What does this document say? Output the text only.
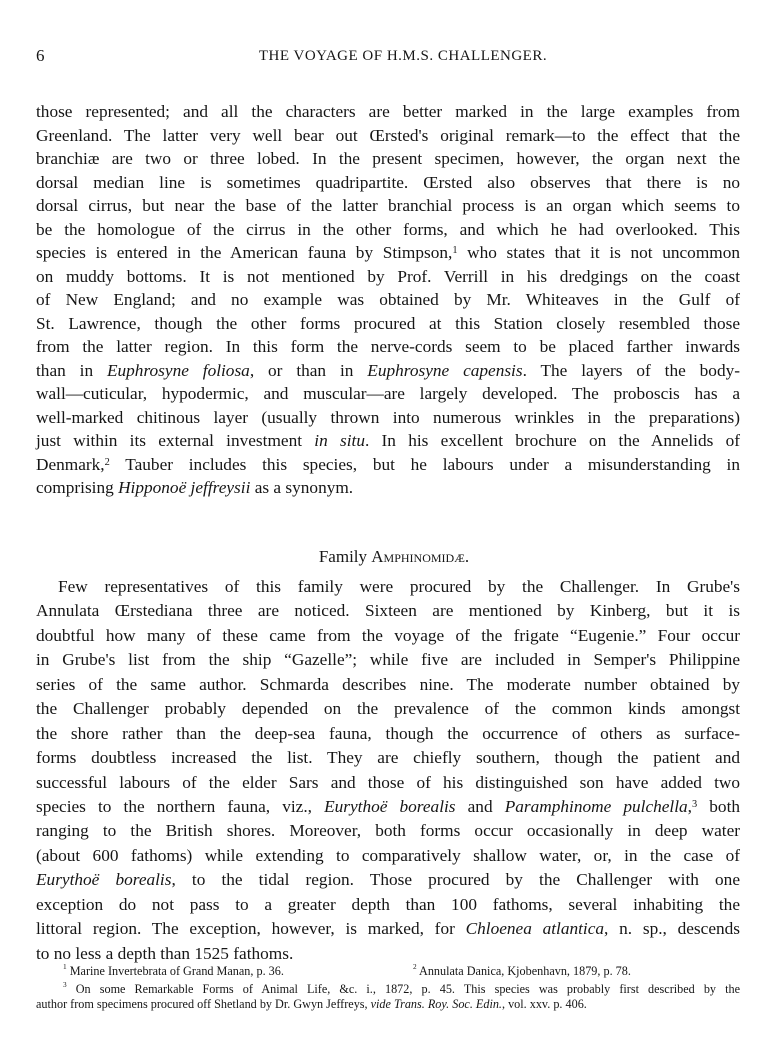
6	THE VOYAGE OF H.M.S. CHALLENGER.
those represented; and all the characters are better marked in the large examples from
Greenland. The latter very well bear out Œrsted's original remark—to the effect that the
branchiæ are two or three lobed. In the present specimen, however, the organ next the
dorsal median line is sometimes quadripartite. Œrsted also observes that there is no
dorsal cirrus, but near the base of the latter branchial process is an organ which seems to
be the homologue of the cirrus in the other forms, and which he had overlooked. This
species is entered in the American fauna by Stimpson,$^1$ who states that it is not uncommon
on muddy bottoms. It is not mentioned by Prof. Verrill in his dredgings on the coast
of New England; and no example was obtained by Mr. Whiteaves in the Gulf of
St. Lawrence, though the other forms procured at this Station closely resembled those
from the latter region. In this form the nerve-cords seem to be placed farther inwards
than in Euphrosyne foliosa, or than in Euphrosyne capensis. The layers of the body-
wall—cuticular, hypodermic, and muscular—are largely developed. The proboscis has a
well-marked chitinous layer (usually thrown into numerous wrinkles in the preparations)
just within its external investment in situ. In his excellent brochure on the Annelids of
Denmark,$^2$ Tauber includes this species, but he labours under a misunderstanding in
comprising Hipponoë jeffreysii as a synonym.
Family Amphinomidæ.
Few representatives of this family were procured by the Challenger. In Grube's
Annulata Œrstediana three are noticed. Sixteen are mentioned by Kinberg, but it is
doubtful how many of these came from the voyage of the frigate “Eugenie.” Four occur
in Grube's list from the ship “Gazelle”; while five are included in Semper's Philippine
series of the same author. Schmarda describes nine. The moderate number obtained by
the Challenger probably depended on the prevalence of the common kinds amongst
the shore rather than the deep-sea fauna, though the occurrence of others as surface-
forms doubtless increased the list. They are chiefly southern, though the patient and
successful labours of the elder Sars and those of his distinguished son have added two
species to the northern fauna, viz., Eurythoë borealis and Paramphinome pulchella,$^3$ both
ranging to the British shores. Moreover, both forms occur occasionally in deep water
(about 600 fathoms) while extending to comparatively shallow water, or, in the case of
Eurythoë borealis, to the tidal region. Those procured by the Challenger with one
exception do not pass to a greater depth than 100 fathoms, several inhabiting the
littoral region. The exception, however, is marked, for Chloenea atlantica, n. sp., descends
to no less a depth than 1525 fathoms.
$^1$ Marine Invertebrata of Grand Manan, p. 36.	$^2$ Annulata Danica, Kjobenhavn, 1879, p. 78.
$^3$ On some Remarkable Forms of Animal Life, &c. i., 1872, p. 45. This species was probably first described by the
author from specimens procured off Shetland by Dr. Gwyn Jeffreys, vide Trans. Roy. Soc. Edin., vol. xxv. p. 406.
